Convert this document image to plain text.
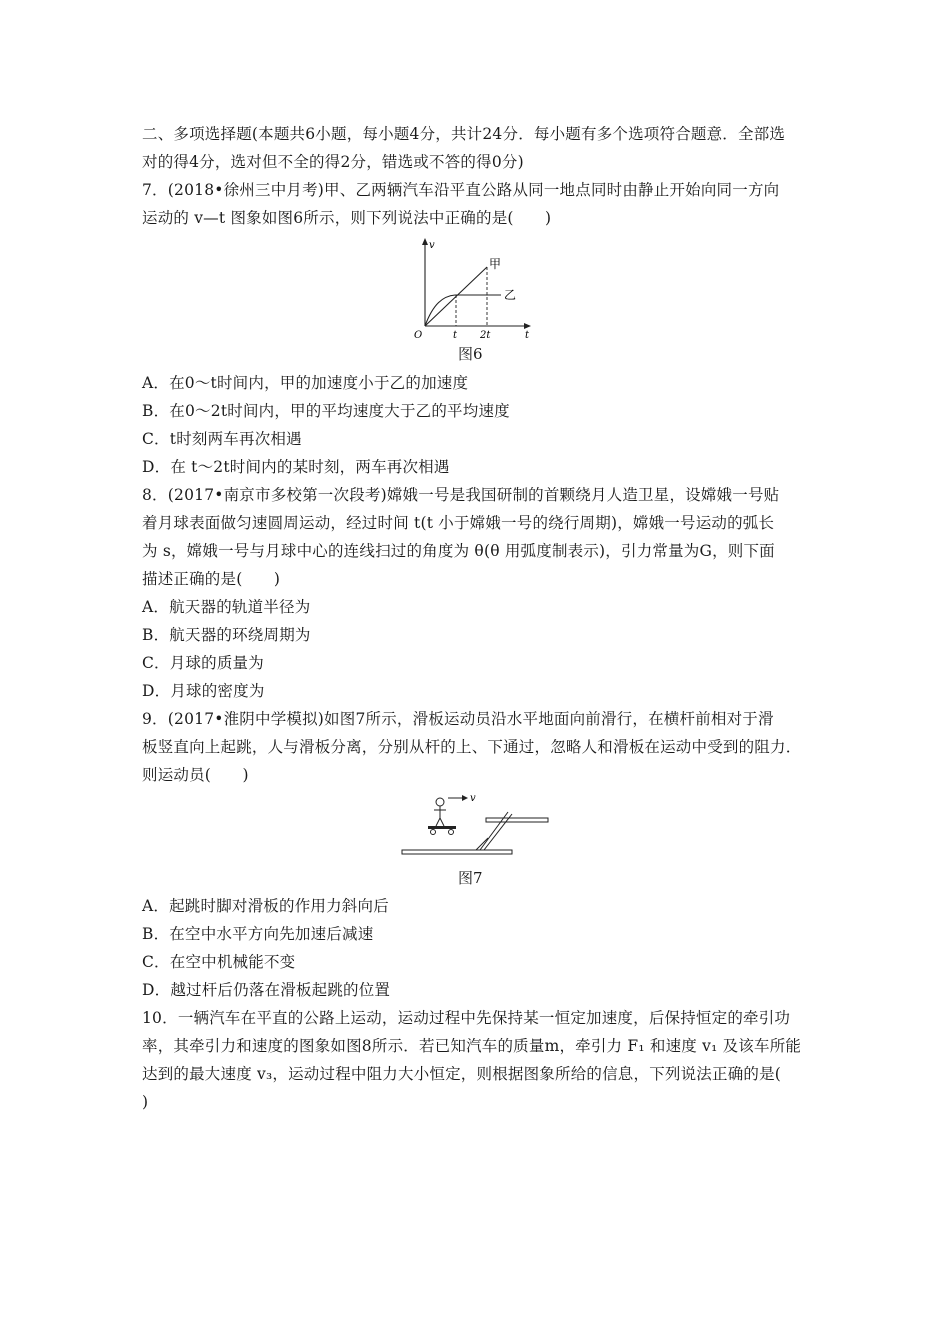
二、多项选择题(本题共6小题，每小题4分，共计24分．每小题有多个选项符合题意．全部选
对的得4分，选对但不全的得2分，错选或不答的得0分)
7．(2018•徐州三中月考)甲、乙两辆汽车沿平直公路从同一地点同时由静止开始向同一方向
运动的 v—t 图象如图6所示，则下列说法中正确的是(　　)
v
t
O	t 2t
甲
乙
图6
A．在0～t时间内，甲的加速度小于乙的加速度
B．在0～2t时间内，甲的平均速度大于乙的平均速度
C．t时刻两车再次相遇
D．在 t～2t时间内的某时刻，两车再次相遇
8．(2017•南京市多校第一次段考)嫦娥一号是我国研制的首颗绕月人造卫星，设嫦娥一号贴
着月球表面做匀速圆周运动，经过时间 t(t 小于嫦娥一号的绕行周期)，嫦娥一号运动的弧长
为 s，嫦娥一号与月球中心的连线扫过的角度为 θ(θ 用弧度制表示)，引力常量为G，则下面
描述正确的是(　　)
A．航天器的轨道半径为
B．航天器的环绕周期为
C．月球的质量为
D．月球的密度为
9．(2017•淮阴中学模拟)如图7所示，滑板运动员沿水平地面向前滑行，在横杆前相对于滑
板竖直向上起跳，人与滑板分离，分别从杆的上、下通过，忽略人和滑板在运动中受到的阻力．
则运动员(　　)
v
图7
A．起跳时脚对滑板的作用力斜向后
B．在空中水平方向先加速后减速
C．在空中机械能不变
D．越过杆后仍落在滑板起跳的位置
10．一辆汽车在平直的公路上运动，运动过程中先保持某一恒定加速度，后保持恒定的牵引功
率，其牵引力和速度的图象如图8所示．若已知汽车的质量m，牵引力 F₁ 和速度 v₁ 及该车所能
达到的最大速度 v₃，运动过程中阻力大小恒定，则根据图象所给的信息，下列说法正确的是(
)
